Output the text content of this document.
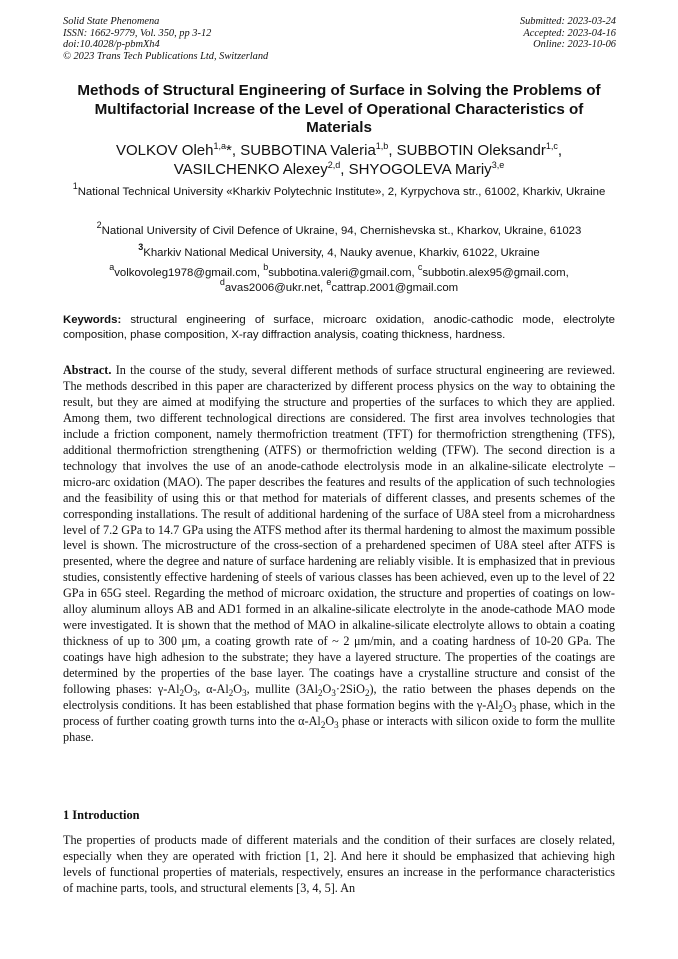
Solid State Phenomena
ISSN: 1662-9779, Vol. 350, pp 3-12
doi:10.4028/p-pbmXh4
© 2023 Trans Tech Publications Ltd, Switzerland
Submitted: 2023-03-24
Accepted: 2023-04-16
Online: 2023-10-06
Methods of Structural Engineering of Surface in Solving the Problems of Multifactorial Increase of the Level of Operational Characteristics of Materials
VOLKOV Oleh$^{1,a}$*, SUBBOTINA Valeria$^{1,b}$, SUBBOTIN Oleksandr$^{1,c}$,
VASILCHENKO Alexey$^{2,d}$, SHYOGOLEVA Mariy$^{3,e}$
$^1$National Technical University «Kharkiv Polytechnic Institute», 2, Kyrpychova str., 61002, Kharkiv, Ukraine
$^2$National University of Civil Defence of Ukraine, 94, Chernishevska st., Kharkov, Ukraine, 61023
$^3$Kharkiv National Medical University, 4, Nauky avenue, Kharkiv, 61022, Ukraine
$^a$volkovoleg1978@gmail.com, $^b$subbotina.valeri@gmail.com, $^c$subbotin.alex95@gmail.com,
$^d$avas2006@ukr.net, $^e$cattrap.2001@gmail.com
Keywords: structural engineering of surface, microarc oxidation, anodic-cathodic mode, electrolyte composition, phase composition, X-ray diffraction analysis, coating thickness, hardness.
Abstract. In the course of the study, several different methods of surface structural engineering are reviewed. The methods described in this paper are characterized by different process physics on the way to obtaining the result, but they are aimed at modifying the structure and properties of the surfaces to which they are applied. Among them, two different technological directions are considered. The first area involves technologies that include a friction component, namely thermofriction treatment (TFT) for thermofriction strengthening (TFS), additional thermofriction strengthening (ATFS) or thermofriction welding (TFW). The second direction is a technology that involves the use of an anode-cathode electrolysis mode in an alkaline-silicate electrolyte – micro-arc oxidation (MAO). The paper describes the features and results of the application of such technologies and the feasibility of using this or that method for materials of different classes, and presents schemes of the corresponding installations. The result of additional hardening of the surface of U8A steel from a microhardness level of 7.2 GPa to 14.7 GPa using the ATFS method after its thermal hardening to almost the maximum possible level is shown. The microstructure of the cross-section of a prehardened specimen of U8A steel after ATFS is presented, where the degree and nature of surface hardening are reliably visible. It is emphasized that in previous studies, consistently effective hardening of steels of various classes has been achieved, even up to the level of 22 GPa in 65G steel. Regarding the method of microarc oxidation, the structure and properties of coatings on low-alloy aluminum alloys AB and AD1 formed in an alkaline-silicate electrolyte in the anode-cathode MAO mode were investigated. It is shown that the method of MAO in alkaline-silicate electrolyte allows to obtain a coating thickness of up to 300 μm, a coating growth rate of ~ 2 μm/min, and a coating hardness of 10-20 GPa. The coatings have high adhesion to the substrate; they have a layered structure. The properties of the coatings are determined by the properties of the base layer. The coatings have a crystalline structure and consist of the following phases: $\gamma-Al_2O_3$, $\alpha-Al_2O_3$, mullite $(3Al_2O_3\cdot 2SiO_2)$, the ratio between the phases depends on the electrolysis conditions. It has been established that phase formation begins with the $\gamma-Al_2O_3$ phase, which in the process of further coating growth turns into the $\alpha-Al_2O_3$ phase or interacts with silicon oxide to form the mullite phase.
1 Introduction
The properties of products made of different materials and the condition of their surfaces are closely related, especially when they are operated with friction [1, 2]. And here it should be emphasized that achieving high levels of functional properties of materials, respectively, ensures an increase in the performance characteristics of machine parts, tools, and structural elements [3, 4, 5]. An
